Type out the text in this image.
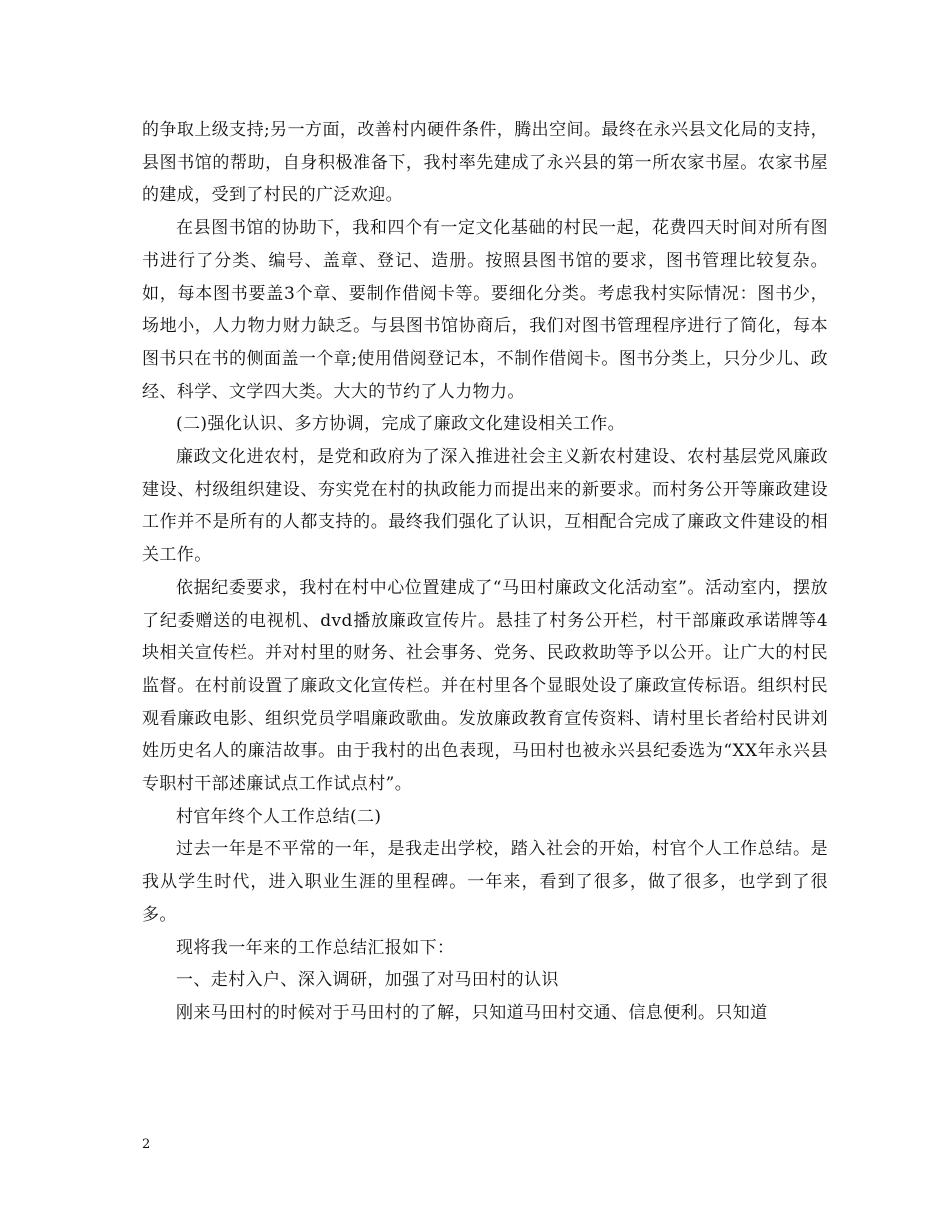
的争取上级支持;另一方面，改善村内硬件条件，腾出空间。最终在永兴县文化局的支持，县图书馆的帮助，自身积极准备下，我村率先建成了永兴县的第一所农家书屋。农家书屋的建成，受到了村民的广泛欢迎。

在县图书馆的协助下，我和四个有一定文化基础的村民一起，花费四天时间对所有图书进行了分类、编号、盖章、登记、造册。按照县图书馆的要求，图书管理比较复杂。如，每本图书要盖3个章、要制作借阅卡等。要细化分类。考虑我村实际情况：图书少，场地小，人力物力财力缺乏。与县图书馆协商后，我们对图书管理程序进行了简化，每本图书只在书的侧面盖一个章;使用借阅登记本，不制作借阅卡。图书分类上，只分少儿、政经、科学、文学四大类。大大的节约了人力物力。

(二)强化认识、多方协调，完成了廉政文化建设相关工作。

廉政文化进农村，是党和政府为了深入推进社会主义新农村建设、农村基层党风廉政建设、村级组织建设、夯实党在村的执政能力而提出来的新要求。而村务公开等廉政建设工作并不是所有的人都支持的。最终我们强化了认识，互相配合完成了廉政文件建设的相关工作。

依据纪委要求，我村在村中心位置建成了“马田村廉政文化活动室”。活动室内，摆放了纪委赠送的电视机、dvd播放廉政宣传片。悬挂了村务公开栏，村干部廉政承诺牌等4块相关宣传栏。并对村里的财务、社会事务、党务、民政救助等予以公开。让广大的村民监督。在村前设置了廉政文化宣传栏。并在村里各个显眼处设了廉政宣传标语。组织村民观看廉政电影、组织党员学唱廉政歌曲。发放廉政教育宣传资料、请村里长者给村民讲刘姓历史名人的廉洁故事。由于我村的出色表现，马田村也被永兴县纪委选为“XX年永兴县专职村干部述廉试点工作试点村”。

村官年终个人工作总结(二)

过去一年是不平常的一年，是我走出学校，踏入社会的开始，村官个人工作总结。是我从学生时代，进入职业生涯的里程碑。一年来，看到了很多，做了很多，也学到了很多。

现将我一年来的工作总结汇报如下：

一、走村入户、深入调研，加强了对马田村的认识

刚来马田村的时候对于马田村的了解，只知道马田村交通、信息便利。只知道

2
